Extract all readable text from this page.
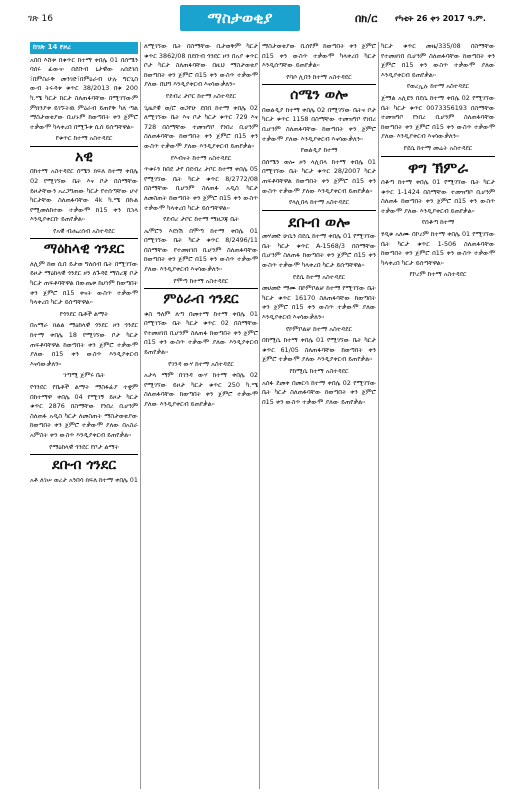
ገጽ 16	ማስታወቂያ	በክ/ር የካቲት 26 ቀን 2017 ዓ.ም.
ከገጽ 14 የዞረ

አበበ እሸቱ በቁጥር ከተማ ቀበሌ 01 በሰሜን ባሰሩ ፊውና፡ በደቡብ ኒታዊው አሰደገሰ ፣በምስራቅ መንገድ፣በምዕራብ ሁሉ ግርጊስ ውብ ትሩዳቱ ቁጥር 38/2013 በቁ 200 ካ.ሜ ካርታ ከርታ ስለጠፋባቸው በሚገኘውም ምክንያቱ ይገኙትዉ ምዕራብ ይጠየቅ ካለ ጣል ማስታወቂያው ቢሆኑም ከወጣበት ቀን ጀምሮ ተቃውሞ ካላቀረበ በሚጉቱ ሲሰ ይሰጣቸዋል፡፡

የቁጥር ከተማ አስተዳደር
አዊ

በከተማ አስተዳደር ሰሜን ክፍለ ከተማ ቀበሌ 02 የሚገኘው ቤት እና ቦታ በስማቸው ይዞታቸውን አረጋግጠው ካርታ የተሰጣቸው ሆኖ ካርታቸው ስለጠፋባቸው 4k ካ.ሜ በኩል የሚመለከተው ተቃውሞ ከ15 ቀን በኋላ እንዲያቀርቡ ይጠየቃል፡፡

የአዊ ብሔረሰብ አስተዳደር
ማዕከላዊ ጎንደር

ለሊም ከወ ሲበ ይታወ ግለሰብ ቤት በሚገኘው ይዞታ ማዕከላዊ ጎንደር ዞን ለጉዳዩ ማስረጃ ቦታ ካርታ ጠፍቶባቸዋል በውጤቱ ከሆነም ከወጣበት ቀን ጀምሮ በ15 ቀናት ውስጥ ተቃውሞ ካላቀረበ ካርታ ይሰጣቸዋል፡፡

የጎንደር ቤቶች ልማት

በአማራ ክልል ማዕከላዊ ጎንደር ዞን ጎንደር ከተማ ቀበሌ 18 የሚገኘው ቦታ ካርታ ጠፍቶባቸዋል ከወጣበት ቀን ጀምሮ ተቃውሞ ያለው በ15 ቀን ውስጥ እንዲያቀርብ እናሳውቃለን፡፡

ገጣሚ ጀምሩ ቤት

የጎንደር የቤቶች ልማት ማስፋፊያ ተቋም በከተማዋ ቀበሌ 04 የሚገኝ ይዞታ ካርታ ቁጥር 2876 በስማቸው የነበረ ቢሆንም ስለጠፋ አዲስ ካርታ ለመስጠት ማስታወቂያው ከወጣበት ቀን ጀምሮ ተቃውሞ ያለው በአስራ አምስት ቀን ውስጥ እንዲያቀርብ ይጠየቃል፡፡

የማዕከላዊ ጎንደር የቦታ ልማት
ደቡብ ጎንደር

አቶ ለገሠ ወረታ አንበሳ ክፍለ ከተማ ቀበሌ 01

ለሚገኘው ቤት በስማቸው ቢታወቅም ካርታ ቁጥር 3862/08 በደቡብ ጎንደር ዞን በአያ ቁጥር ቦታ ካርታ ስለጠፋባቸው በዚህ ማስታወቂያ ከወጣበት ቀን ጀምሮ በ15 ቀን ውስጥ ተቃውሞ ያለው በህግ እንዲያቀርብ እናሳውቃለን፡፡

የደብረ ታቦር ከተማ አስተዳደር

ጊዜያዊ ወ/ሮ ወጋየሁ ደበበ ከተማ ቀበሌ 02 ለሚገኘው ቤት እና ቦታ ካርታ ቁጥር 729 እና 728 በስማቸው ተመዝግቦ የነበረ ቢሆንም ስለጠፋባቸው ከወጣበት ቀን ጀምሮ በ15 ቀን ውስጥ ተቃውሞ ያለው እንዲያቀርብ ይጠየቃል፡፡

የእብናት ከተማ አስተዳደር

ጥቁሩን ከበደ ታየ በደብረ ታቦር ከተማ ቀበሌ 05 የሚገኘው ቤት ካርታ ቁጥር 8/2772/08 በስማቸው ቢሆንም ስለጠፋ አዲስ ካርታ ለመስጠት ከወጣበት ቀን ጀምሮ በ15 ቀን ውስጥ ተቃውሞ ካላቀረበ ካርታ ይሰጣቸዋል፡፡

የደብረ ታቦር ከተማ ማዘጋጃ ቤት

ኤሞሮን እደነሽ በሞጣ ከተማ ቀበሌ 01 በሚገኘው ቤት ካርታ ቁጥር 8/2496/11 በስማቸው የተመዘገበ ቢሆንም ስለጠፋባቸው ከወጣበት ቀን ጀምሮ በ15 ቀን ውስጥ ተቃውሞ ያለው እንዲያቀርብ እናሳውቃለን፡፡

የሞጣ ከተማ አስተዳደር
ምዕራብ ጎንደር

ቁስ ዓለም ለጣ በመተማ ከተማ ቀበሌ 01 በሚገኘው ቤት ካርታ ቁጥር 02 በስማቸው የተመዘገበ ቢሆንም ስለጠፋ ከወጣበት ቀን ጀምሮ በ15 ቀን ውስጥ ተቃውሞ ያለው እንዲያቀርብ ይጠየቃል፡፡

የገንዳ ውሃ ከተማ አስተዳደር

አታላ ማም በገንዳ ውሃ ከተማ ቀበሌ 02 የሚገኘው ይዞታ ካርታ ቁጥር 250 ካ.ሜ ስለጠፋባቸው ከወጣበት ቀን ጀምሮ ተቃውሞ ያለው እንዲያቀርብ ይጠየቃል፡፡

ማስታወቂያው ቢሰየም ከወጣበት ቀን ጀምሮ በ15 ቀን ውስጥ ተቃውሞ ካላቀረበ ካርታ እንዲሰጣቸው ይጠየቃል፡፡

የባሶ ሊበን ከተማ አስተዳደር
ሰሜን ወሎ

በወልዲያ ከተማ ቀበሌ 02 በሚገኘው ቤትና ቦታ ካርታ ቁጥር 1158 በስማቸው ተመዝግቦ የነበረ ቢሆንም ስለጠፋባቸው ከወጣበት ቀን ጀምሮ ተቃውሞ ያለው እንዲያቀርብ እናሳውቃለን፡፡

የወልዲያ ከተማ

በሰሜን ወሎ ዞን ላሊበላ ከተማ ቀበሌ 01 በሚገኘው ቤት ካርታ ቁጥር 28/2007 ካርታ ጠፍቶባቸዋል ከወጣበት ቀን ጀምሮ በ15 ቀን ውስጥ ተቃውሞ ያለው እንዲያቀርብ ይጠየቃል፡፡

የላሊበላ ከተማ አስተዳደር
ደቡብ ወሎ

መሃመድ ሁሴን በደሴ ከተማ ቀበሌ 01 የሚገኘው ቤት ካርታ ቁጥር A-1568/3 በስማቸው ቢሆንም ስለጠፋ ከወጣበት ቀን ጀምሮ በ15 ቀን ውስጥ ተቃውሞ ካላቀረበ ካርታ ይሰጣቸዋል፡፡

የደሴ ከተማ አስተዳደር

መሀመድ ማሙ በኮምቦልቻ ከተማ የሚገኘው ቤት ካርታ ቁጥር 16170 ስለጠፋባቸው ከወጣበት ቀን ጀምሮ በ15 ቀን ውስጥ ተቃውሞ ያለው እንዲያቀርብ እናሳውቃለን፡፡

የኮምቦልቻ ከተማ አስተዳደር

በከሚሴ ከተማ ቀበሌ 01 የሚገኘው ቤት ካርታ ቁጥር 61/05 ስለጠፋባቸው ከወጣበት ቀን ጀምሮ ተቃውሞ ያለው እንዲያቀርብ ይጠየቃል፡፡

የከሚሴ ከተማ አስተዳደር

አሰፋ ደመቀ በመርሳ ከተማ ቀበሌ 02 የሚገኘው ቤት ካርታ ስለጠፋባቸው ከወጣበት ቀን ጀምሮ በ15 ቀን ውስጥ ተቃውሞ ያለው ይጠየቃል፡፡

ካርታ ቁጥር መዜ/335/08 በስማቸው የተመዘገበ ቢሆንም ስለጠፋባቸው ከወጣበት ቀን ጀምሮ በ15 ቀን ውስጥ ተቃውሞ ያለው እንዲያቀርብ ይጠየቃል፡፡

የወረኢሉ ከተማ አስተዳደር

ጀማል አሊዩን በደሴ ከተማ ቀበሌ 02 የሚገኘው ቤት ካርታ ቁጥር 0073356193 በስማቸው ተመዝግቦ የነበረ ቢሆንም ስለጠፋባቸው ከወጣበት ቀን ጀምሮ በ15 ቀን ውስጥ ተቃውሞ ያለው እንዲያቀርብ እናሳውቃለን፡፡

የደሴ ከተማ መሬት አስተዳደር
ዋግ ኽምራ

ሰቆጣ ከተማ ቀበሌ 01 የሚገኘው ቤት ካርታ ቁጥር 1-1424 በስማቸው ተመዝግቦ ቢሆንም ስለጠፋ ከወጣበት ቀን ጀምሮ በ15 ቀን ውስጥ ተቃውሞ ያለው እንዲያቀርብ ይጠየቃል፡፡

የሰቆጣ ከተማ

ፃዲቁ አለሙ በኮረም ከተማ ቀበሌ 01 የሚገኘው ቤት ካርታ ቁጥር 1-506 ስለጠፋባቸው ከወጣበት ቀን ጀምሮ በ15 ቀን ውስጥ ተቃውሞ ካላቀረበ ካርታ ይሰጣቸዋል፡፡

የኮረም ከተማ አስተዳደር
